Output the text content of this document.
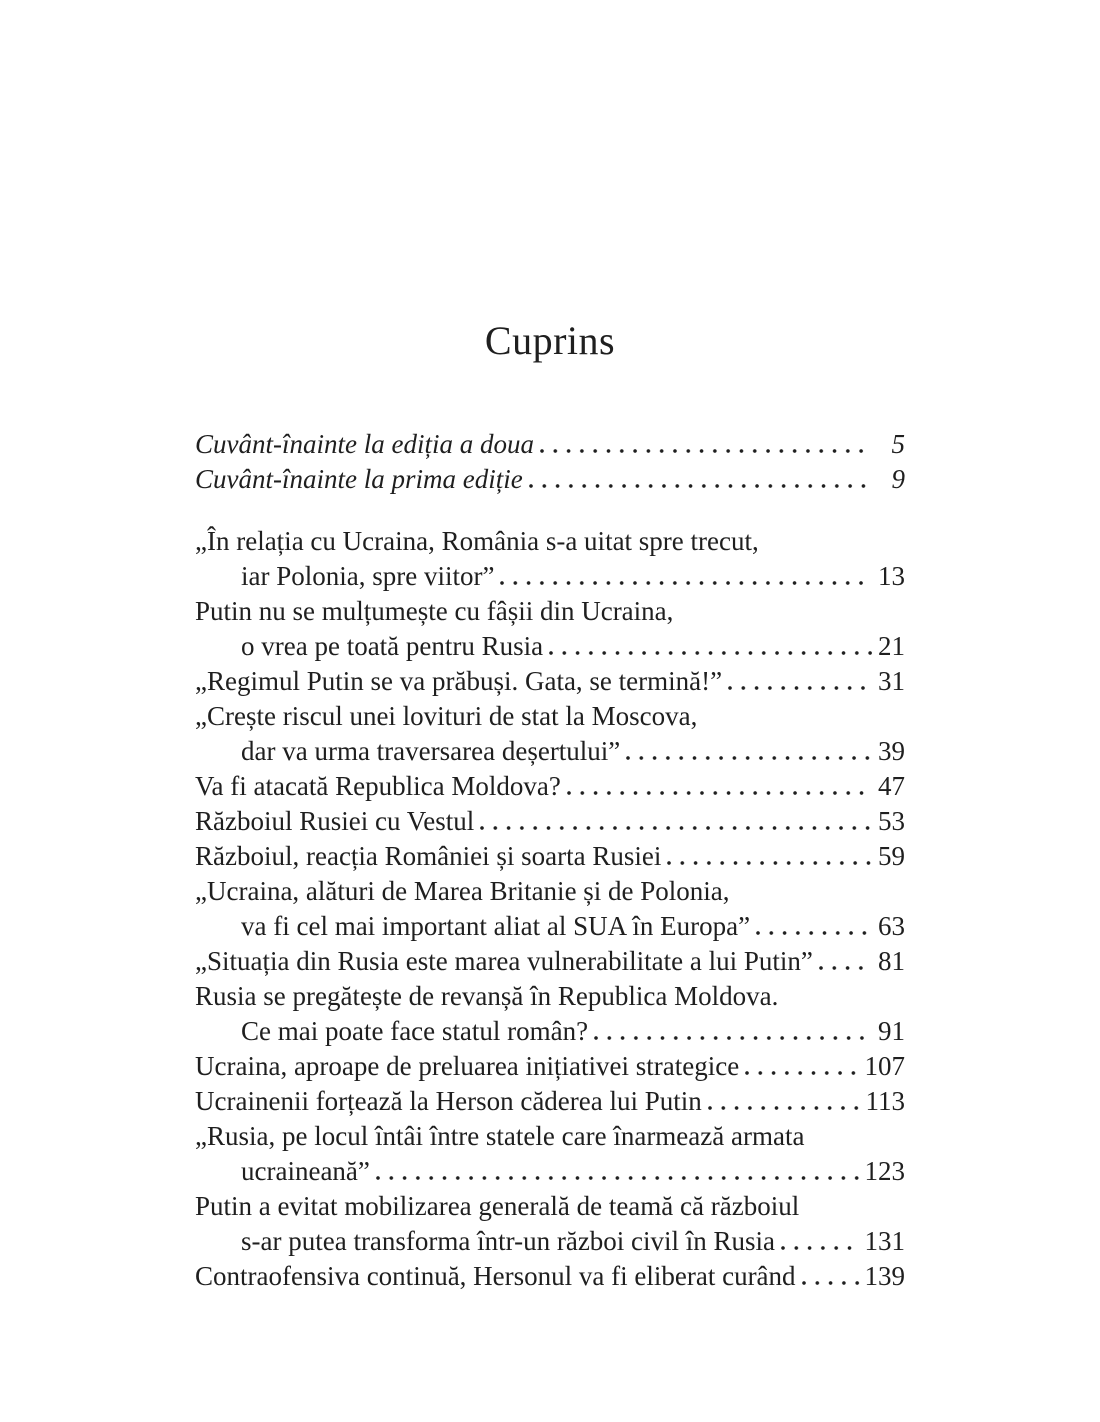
Cuprins
Cuvânt-înainte la ediția a doua	5
Cuvânt-înainte la prima ediție	9
„În relația cu Ucraina, România s-a uitat spre trecut,
iar Polonia, spre viitor”	13
Putin nu se mulțumește cu fâșii din Ucraina,
o vrea pe toată pentru Rusia	21
„Regimul Putin se va prăbuși. Gata, se termină!”	31
„Crește riscul unei lovituri de stat la Moscova,
dar va urma traversarea deșertului”	39
Va fi atacată Republica Moldova?	47
Războiul Rusiei cu Vestul	53
Războiul, reacția României și soarta Rusiei	59
„Ucraina, alături de Marea Britanie și de Polonia,
va fi cel mai important aliat al SUA în Europa”	63
„Situația din Rusia este marea vulnerabilitate a lui Putin” 81
Rusia se pregătește de revanșă în Republica Moldova.
Ce mai poate face statul român?	91
Ucraina, aproape de preluarea inițiativei strategice	107
Ucrainenii forțează la Herson căderea lui Putin	113
„Rusia, pe locul întâi între statele care înarmează armata
ucraineană”	123
Putin a evitat mobilizarea generală de teamă că războiul
s-ar putea transforma într-un război civil în Rusia	131
Contraofensiva continuă, Hersonul va fi eliberat curând	139
